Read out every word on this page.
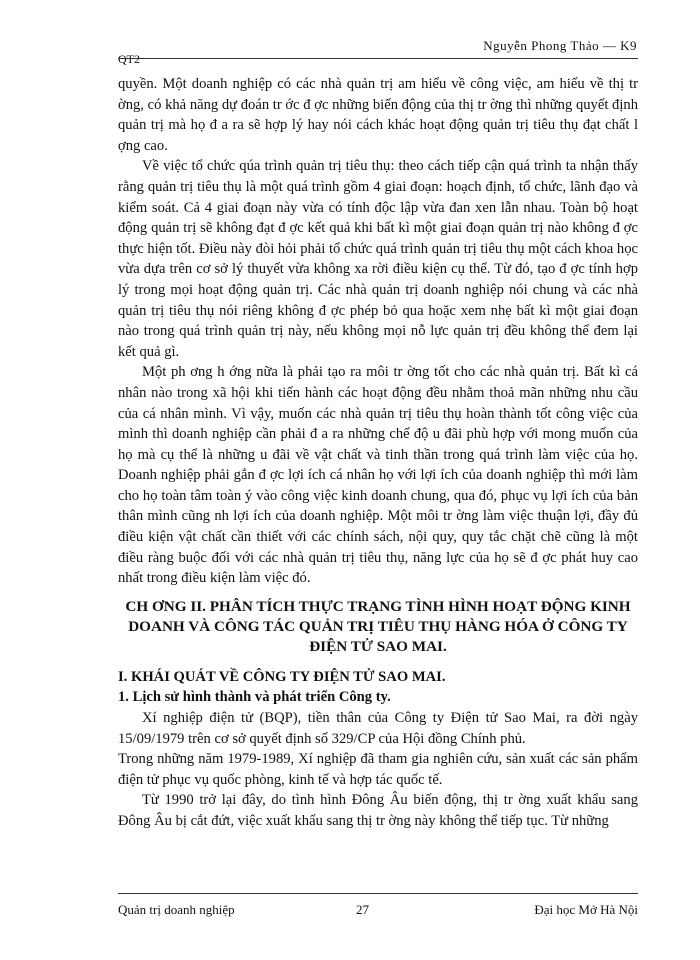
Nguyễn Phong Thảo — K9
QT2

quyền. Một doanh nghiệp có các nhà quản trị am hiểu về công việc, am hiểu về thị tr ờng, có khả năng dự đoán tr ớc đ ợc những biến động của thị tr ờng thì những quyết định quản trị mà họ đ a ra sẽ hợp lý hay nói cách khác hoạt động quản trị tiêu thụ đạt chất l ợng cao.

Về việc tổ chức qúa trình quản trị tiêu thụ: theo cách tiếp cận quá trình ta nhận thấy rằng quản trị tiêu thụ là một quá trình gồm 4 giai đoạn: hoạch định, tổ chức, lãnh đạo và kiểm soát. Cả 4 giai đoạn này vừa có tính độc lập vừa đan xen lẫn nhau. Toàn bộ hoạt động quản trị sẽ không đạt đ ợc kết quả khi bất kì một giai đoạn quản trị nào không đ ợc thực hiện tốt. Điều này đòi hỏi phải tổ chức quá trình quản trị tiêu thụ một cách khoa học vừa dựa trên cơ sở lý thuyết vừa không xa rời điều kiện cụ thể. Từ đó, tạo đ ợc tính hợp lý trong mọi hoạt động quản trị. Các nhà quản trị doanh nghiệp nói chung và các nhà quản trị tiêu thụ nói riêng không đ ợc phép bỏ qua hoặc xem nhẹ bất kì một giai đoạn nào trong quá trình quản trị này, nếu không mọi nỗ lực quản trị đều không thể đem lại kết quả gì.

Một ph ơng h ớng nữa là phải tạo ra môi tr ờng tốt cho các nhà quản trị. Bất kì cá nhân nào trong xã hội khi tiến hành các hoạt động đều nhằm thoả mãn những nhu cầu của cá nhân mình. Vì vậy, muốn các nhà quản trị tiêu thụ hoàn thành tốt công việc của mình thì doanh nghiệp cần phải đ a ra những chế độ u đãi phù hợp với mong muốn của họ mà cụ thể là những u đãi về vật chất và tinh thần trong quá trình làm việc của họ. Doanh nghiệp phải gắn đ ợc lợi ích cá nhân họ với lợi ích của doanh nghiệp thì mới làm cho họ toàn tâm toàn ý vào công việc kinh doanh chung, qua đó, phục vụ lợi ích của bản thân mình cũng nh lợi ích của doanh nghiệp. Một môi tr ờng làm việc thuận lợi, đầy đủ điều kiện vật chất cần thiết với các chính sách, nội quy, quy tắc chặt chẽ cũng là một điều ràng buộc đối với các nhà quản trị tiêu thụ, năng lực của họ sẽ đ ợc phát huy cao nhất trong điều kiện làm việc đó.

CH ƠNG II. PHÂN TÍCH THỰC TRẠNG TÌNH HÌNH HOẠT ĐỘNG KINH DOANH VÀ CÔNG TÁC QUẢN TRỊ TIÊU THỤ HÀNG HÓA Ở CÔNG TY ĐIỆN TỬ SAO MAI.
I. KHÁI QUÁT VỀ CÔNG TY ĐIỆN TỬ SAO MAI.
1. Lịch sử hình thành và phát triển Công ty.

Xí nghiệp điện tử (BQP), tiền thân của Công ty Điện tử Sao Mai, ra đời ngày 15/09/1979 trên cơ sở quyết định số 329/CP của Hội đồng Chính phủ.

Trong những năm 1979-1989, Xí nghiệp đã tham gia nghiên cứu, sản xuất các sản phẩm điện tử phục vụ quốc phòng, kinh tế và hợp tác quốc tế.

Từ 1990 trở lại đây, do tình hình Đông Âu biến động, thị tr ờng xuất khẩu sang Đông Âu bị cắt đứt, việc xuất khẩu sang thị tr ờng này không thể tiếp tục. Từ những

Quản trị doanh nghiệp	27	Đại học Mở Hà Nội
